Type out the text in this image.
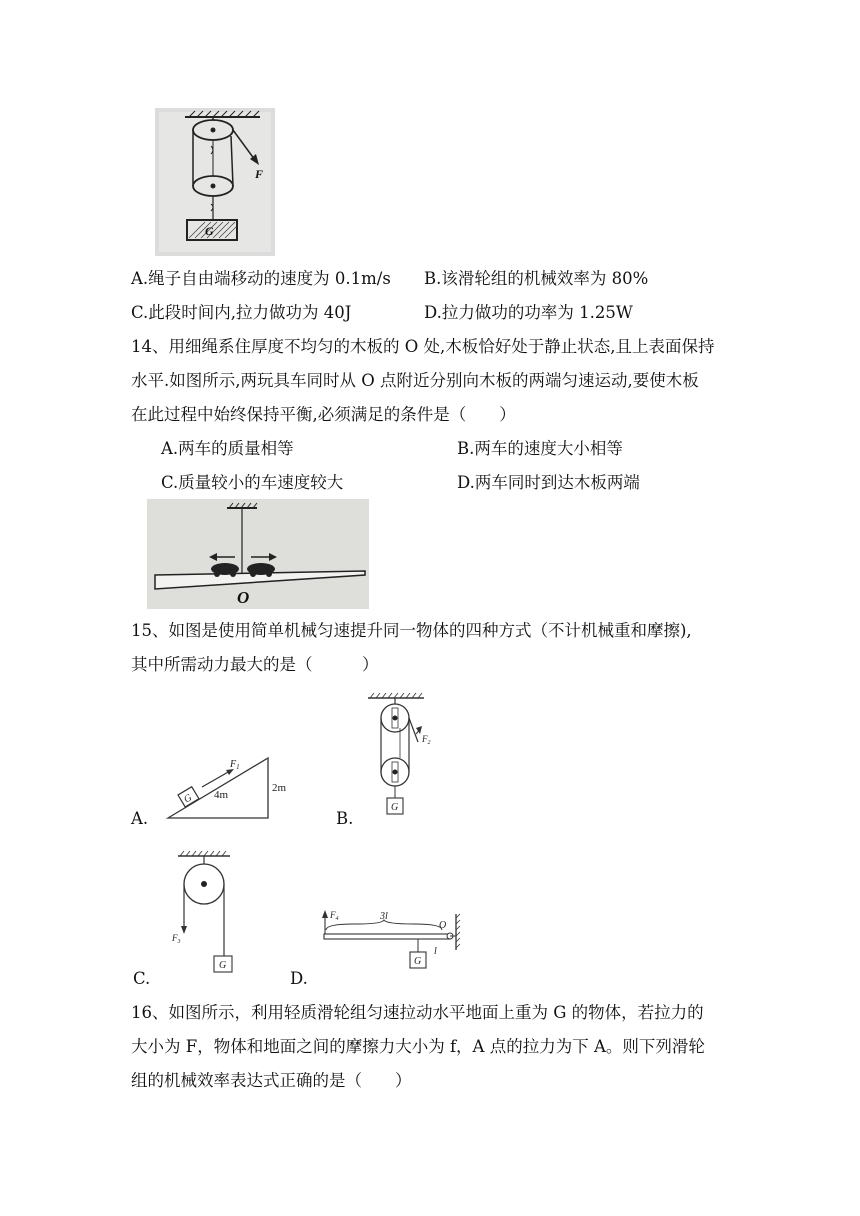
G
F
A.绳子自由端移动的速度为 0.1m/s B.该滑轮组的机械效率为 80%
C.此段时间内,拉力做功为 40J	D.拉力做功的功率为 1.25W
14、用细绳系住厚度不均匀的木板的 O 处,木板恰好处于静止状态,且上表面保持
水平.如图所示,两玩具车同时从 O 点附近分别向木板的两端匀速运动,要使木板
在此过程中始终保持平衡,必须满足的条件是（　　）
A.两车的质量相等	B.两车的速度大小相等
C.质量较小的车速度较大	D.两车同时到达木板两端
O
15、如图是使用简单机械匀速提升同一物体的四种方式（不计机械重和摩擦),
其中所需动力最大的是（　　　）
G
$F_1$
4m
2m
A.
$F_2$
G
B.
$F_3$
G
C.
$F_4$	3l
G
O
l
D.
16、如图所示，利用轻质滑轮组匀速拉动水平地面上重为 G 的物体，若拉力的
大小为 F，物体和地面之间的摩擦力大小为 f，A 点的拉力为下 A。则下列滑轮
组的机械效率表达式正确的是（　　）
